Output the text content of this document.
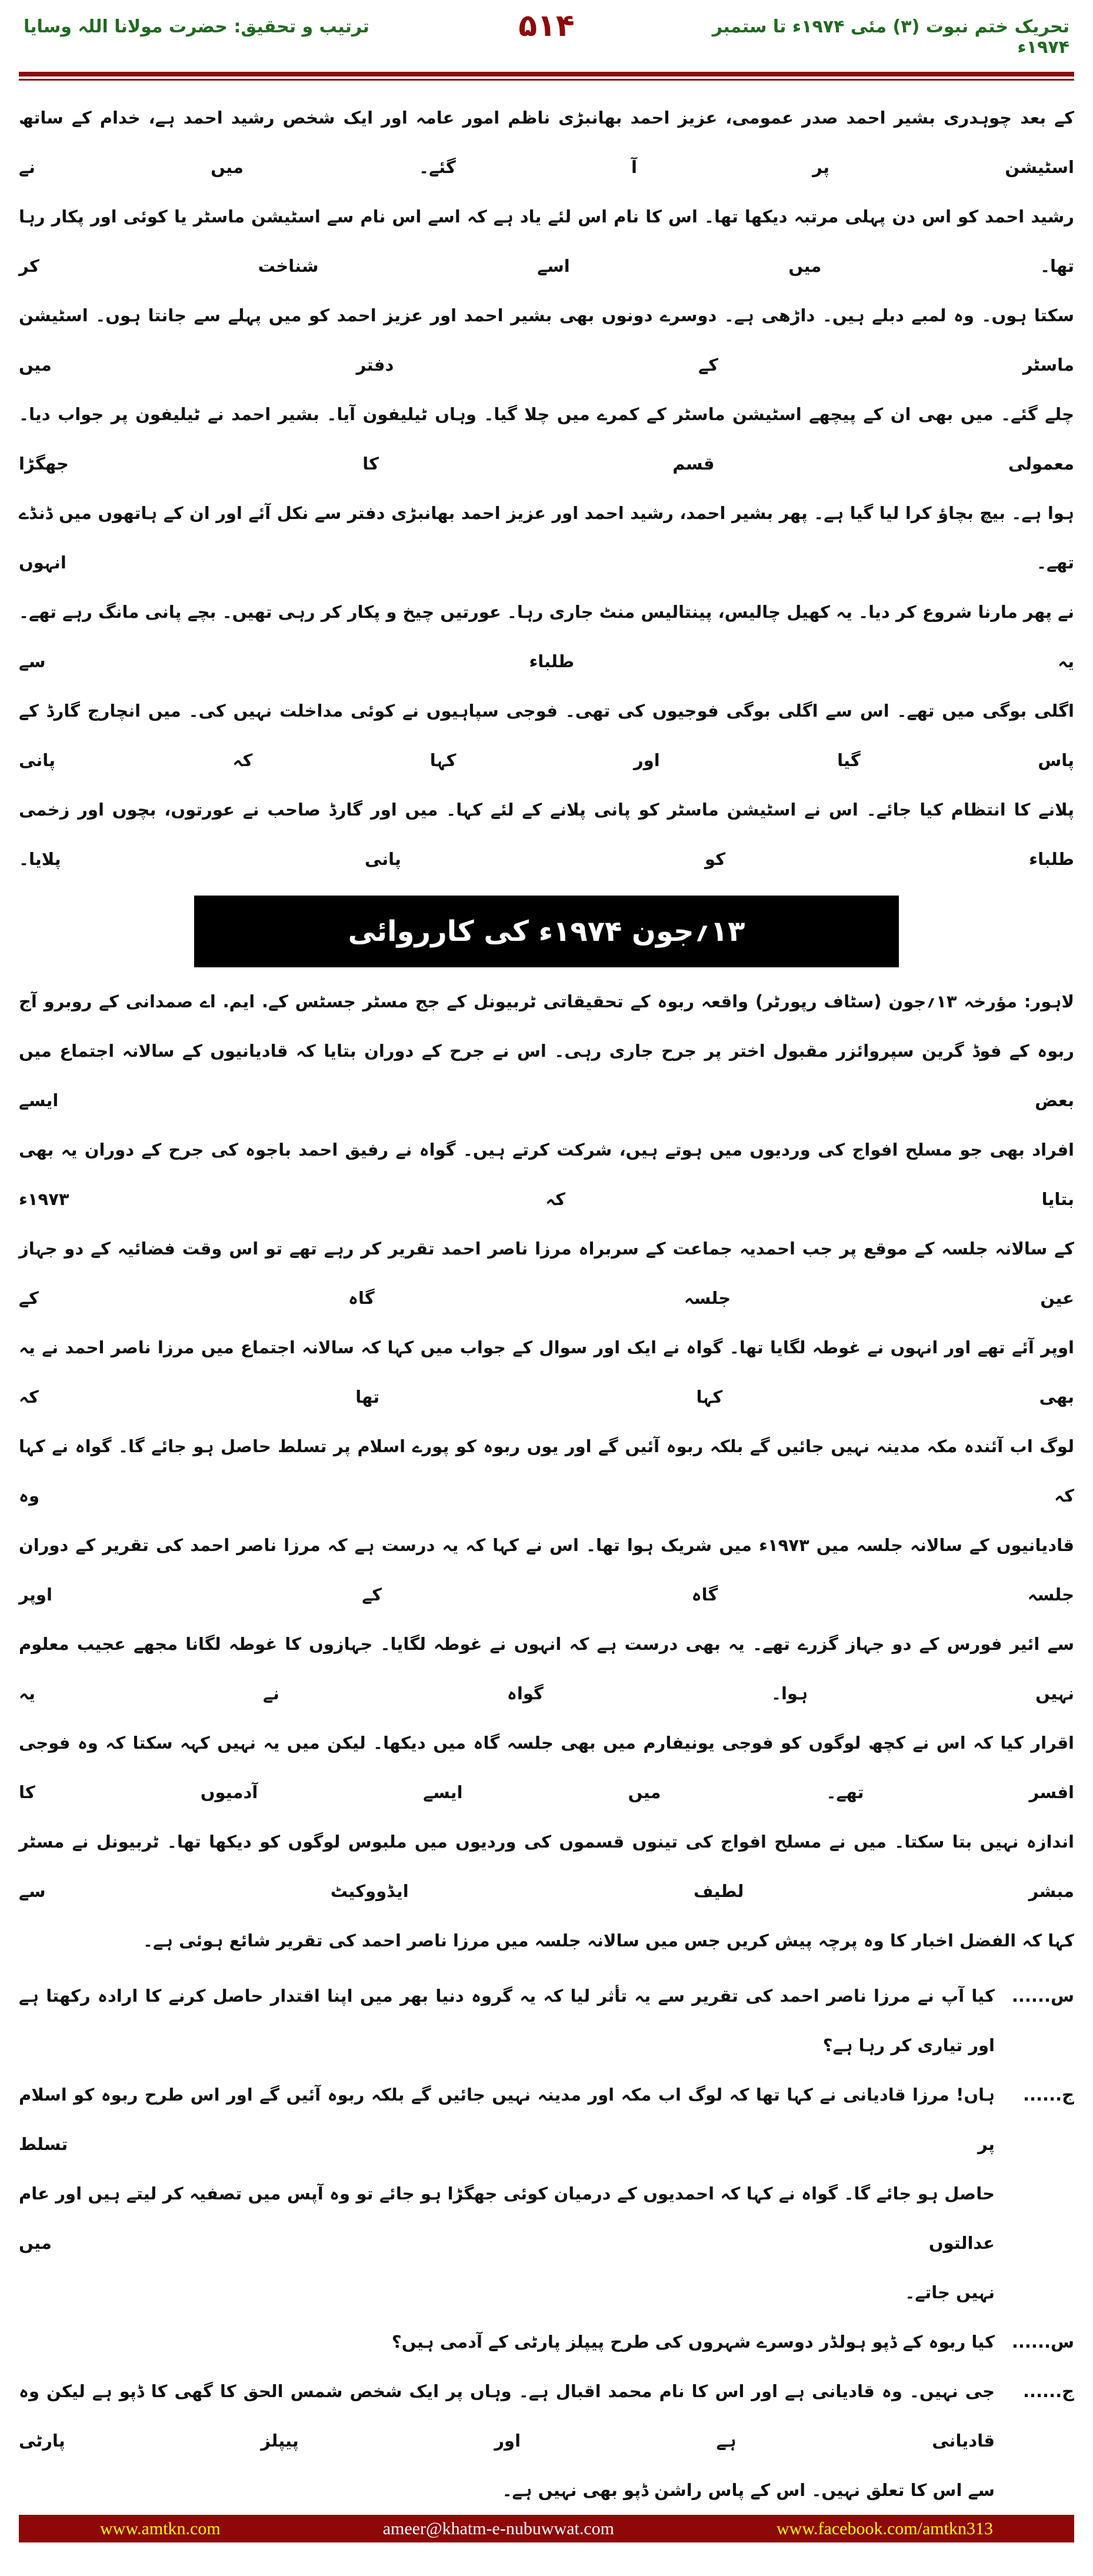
تحریک ختم نبوت (۳) مئی ۱۹۷۴ء تا ستمبر ۱۹۷۴ء
۵۱۴
ترتیب و تحقیق: حضرت مولانا اللہ وسایا
کے بعد چوہدری بشیر احمد صدر عمومی، عزیز احمد بھانبڑی ناظم امور عامہ اور ایک شخص رشید احمد ہے، خدام کے ساتھ اسٹیشن پر آ گئے۔ میں نے
رشید احمد کو اس دن پہلی مرتبہ دیکھا تھا۔ اس کا نام اس لئے یاد ہے کہ اسے اس نام سے اسٹیشن ماسٹر یا کوئی اور پکار رہا تھا۔ میں اسے شناخت کر
سکتا ہوں۔ وہ لمبے دبلے ہیں۔ داڑھی ہے۔ دوسرے دونوں بھی بشیر احمد اور عزیز احمد کو میں پہلے سے جانتا ہوں۔ اسٹیشن ماسٹر کے دفتر میں
چلے گئے۔ میں بھی ان کے پیچھے اسٹیشن ماسٹر کے کمرے میں چلا گیا۔ وہاں ٹیلیفون آیا۔ بشیر احمد نے ٹیلیفون پر جواب دیا۔ معمولی قسم کا جھگڑا
ہوا ہے۔ بیچ بچاؤ کرا لیا گیا ہے۔ پھر بشیر احمد، رشید احمد اور عزیز احمد بھانبڑی دفتر سے نکل آئے اور ان کے ہاتھوں میں ڈنڈے تھے۔ انہوں
نے پھر مارنا شروع کر دیا۔ یہ کھیل چالیس، پینتالیس منٹ جاری رہا۔ عورتیں چیخ و پکار کر رہی تھیں۔ بچے پانی مانگ رہے تھے۔ یہ طلباء سے
اگلی بوگی میں تھے۔ اس سے اگلی بوگی فوجیوں کی تھی۔ فوجی سپاہیوں نے کوئی مداخلت نہیں کی۔ میں انچارج گارڈ کے پاس گیا اور کہا کہ پانی
پلانے کا انتظام کیا جائے۔ اس نے اسٹیشن ماسٹر کو پانی پلانے کے لئے کہا۔ میں اور گارڈ صاحب نے عورتوں، بچوں اور زخمی طلباء کو پانی پلایا۔
۱۳؍جون ۱۹۷۴ء کی کارروائی
لاہور: مؤرخہ ۱۳؍جون (سٹاف رپورٹر) واقعہ ربوہ کے تحقیقاتی ٹربیونل کے جج مسٹر جسٹس کے. ایم. اے صمدانی کے روبرو آج
ربوہ کے فوڈ گرین سپروائزر مقبول اختر پر جرح جاری رہی۔ اس نے جرح کے دوران بتایا کہ قادیانیوں کے سالانہ اجتماع میں بعض ایسے
افراد بھی جو مسلح افواج کی وردیوں میں ہوتے ہیں، شرکت کرتے ہیں۔ گواہ نے رفیق احمد باجوہ کی جرح کے دوران یہ بھی بتایا کہ ۱۹۷۳ء
کے سالانہ جلسہ کے موقع پر جب احمدیہ جماعت کے سربراہ مرزا ناصر احمد تقریر کر رہے تھے تو اس وقت فضائیہ کے دو جہاز عین جلسہ گاہ کے
اوپر آئے تھے اور انہوں نے غوطہ لگایا تھا۔ گواہ نے ایک اور سوال کے جواب میں کہا کہ سالانہ اجتماع میں مرزا ناصر احمد نے یہ بھی کہا تھا کہ
لوگ اب آئندہ مکہ مدینہ نہیں جائیں گے بلکہ ربوہ آئیں گے اور یوں ربوہ کو پورے اسلام پر تسلط حاصل ہو جائے گا۔ گواہ نے کہا کہ وہ
قادیانیوں کے سالانہ جلسہ میں ۱۹۷۳ء میں شریک ہوا تھا۔ اس نے کہا کہ یہ درست ہے کہ مرزا ناصر احمد کی تقریر کے دوران جلسہ گاہ کے اوپر
سے ائیر فورس کے دو جہاز گزرے تھے۔ یہ بھی درست ہے کہ انہوں نے غوطہ لگایا۔ جہازوں کا غوطہ لگانا مجھے عجیب معلوم نہیں ہوا۔ گواہ نے یہ
اقرار کیا کہ اس نے کچھ لوگوں کو فوجی یونیفارم میں بھی جلسہ گاہ میں دیکھا۔ لیکن میں یہ نہیں کہہ سکتا کہ وہ فوجی افسر تھے۔ میں ایسے آدمیوں کا
اندازہ نہیں بتا سکتا۔ میں نے مسلح افواج کی تینوں قسموں کی وردیوں میں ملبوس لوگوں کو دیکھا تھا۔ ٹربیونل نے مسٹر مبشر لطیف ایڈووکیٹ سے
کہا کہ الفضل اخبار کا وہ پرچہ پیش کریں جس میں سالانہ جلسہ میں مرزا ناصر احمد کی تقریر شائع ہوئی ہے۔
س......
کیا آپ نے مرزا ناصر احمد کی تقریر سے یہ تأثر لیا کہ یہ گروہ دنیا بھر میں اپنا اقتدار حاصل کرنے کا ارادہ رکھتا ہے اور تیاری کر رہا ہے؟
ج......
ہاں! مرزا قادیانی نے کہا تھا کہ لوگ اب مکہ اور مدینہ نہیں جائیں گے بلکہ ربوہ آئیں گے اور اس طرح ربوہ کو اسلام پر تسلط
حاصل ہو جائے گا۔ گواہ نے کہا کہ احمدیوں کے درمیان کوئی جھگڑا ہو جائے تو وہ آپس میں تصفیہ کر لیتے ہیں اور عام عدالتوں میں
نہیں جاتے۔
س......
کیا ربوہ کے ڈپو ہولڈر دوسرے شہروں کی طرح پیپلز پارٹی کے آدمی ہیں؟
ج......
جی نہیں۔ وہ قادیانی ہے اور اس کا نام محمد اقبال ہے۔ وہاں پر ایک شخص شمس الحق کا گھی کا ڈپو ہے لیکن وہ قادیانی ہے اور پیپلز پارٹی
سے اس کا تعلق نہیں۔ اس کے پاس راشن ڈپو بھی نہیں ہے۔
www.amtkn.com	ameer@khatm-e-nubuwwat.com	www.facebook.com/amtkn313
